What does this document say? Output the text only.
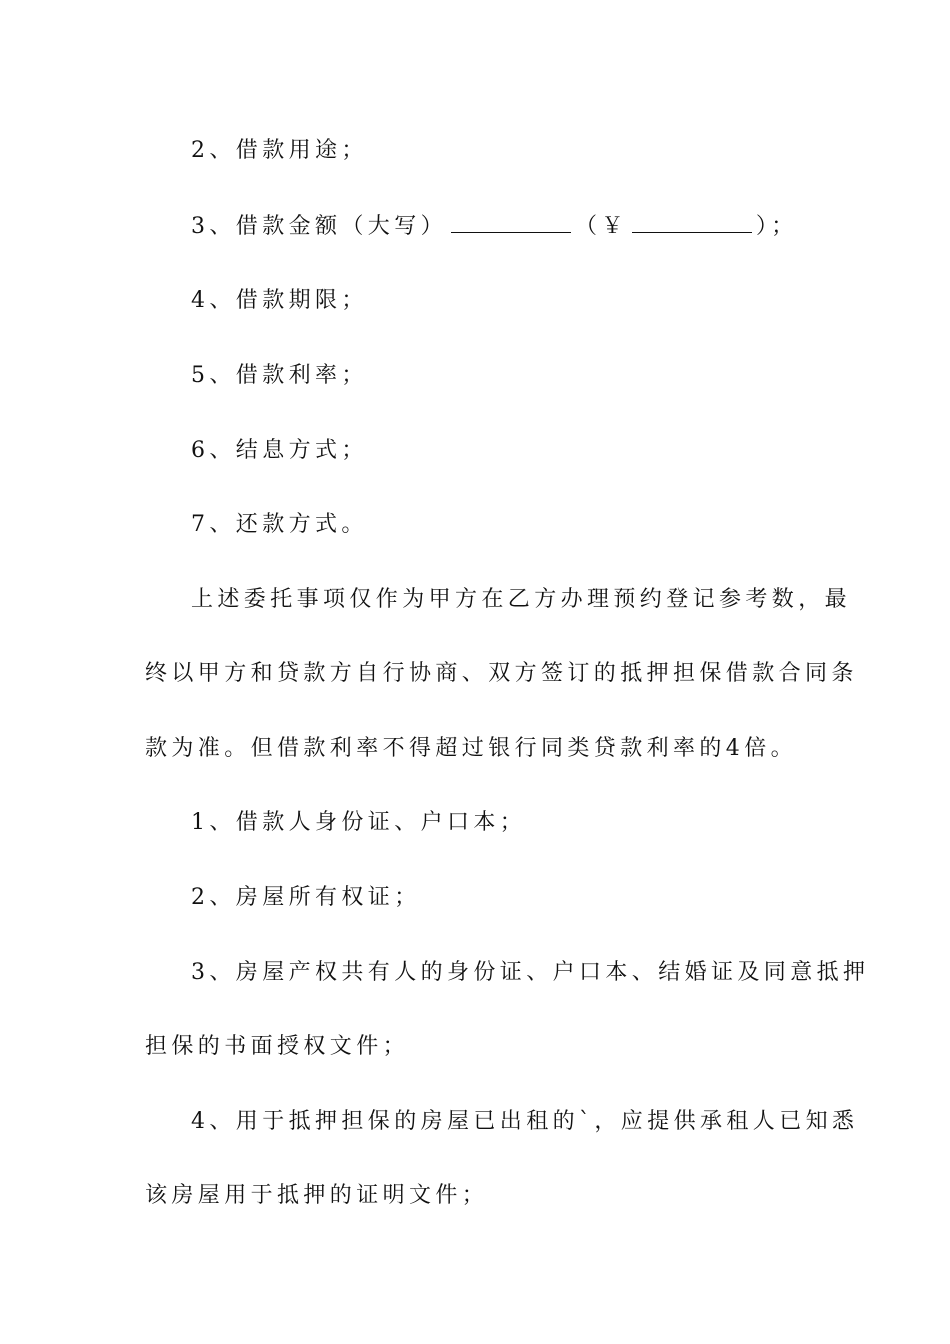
2、借款用途；
3、借款金额（大写）	（￥	）；
4、借款期限；
5、借款利率；
6、结息方式；
7、还款方式。
上述委托事项仅作为甲方在乙方办理预约登记参考数，最
终以甲方和贷款方自行协商、双方签订的抵押担保借款合同条
款为准。但借款利率不得超过银行同类贷款利率的4倍。
1、借款人身份证、户口本；
2、房屋所有权证；
3、房屋产权共有人的身份证、户口本、结婚证及同意抵押
担保的书面授权文件；
4、用于抵押担保的房屋已出租的`，应提供承租人已知悉
该房屋用于抵押的证明文件；
